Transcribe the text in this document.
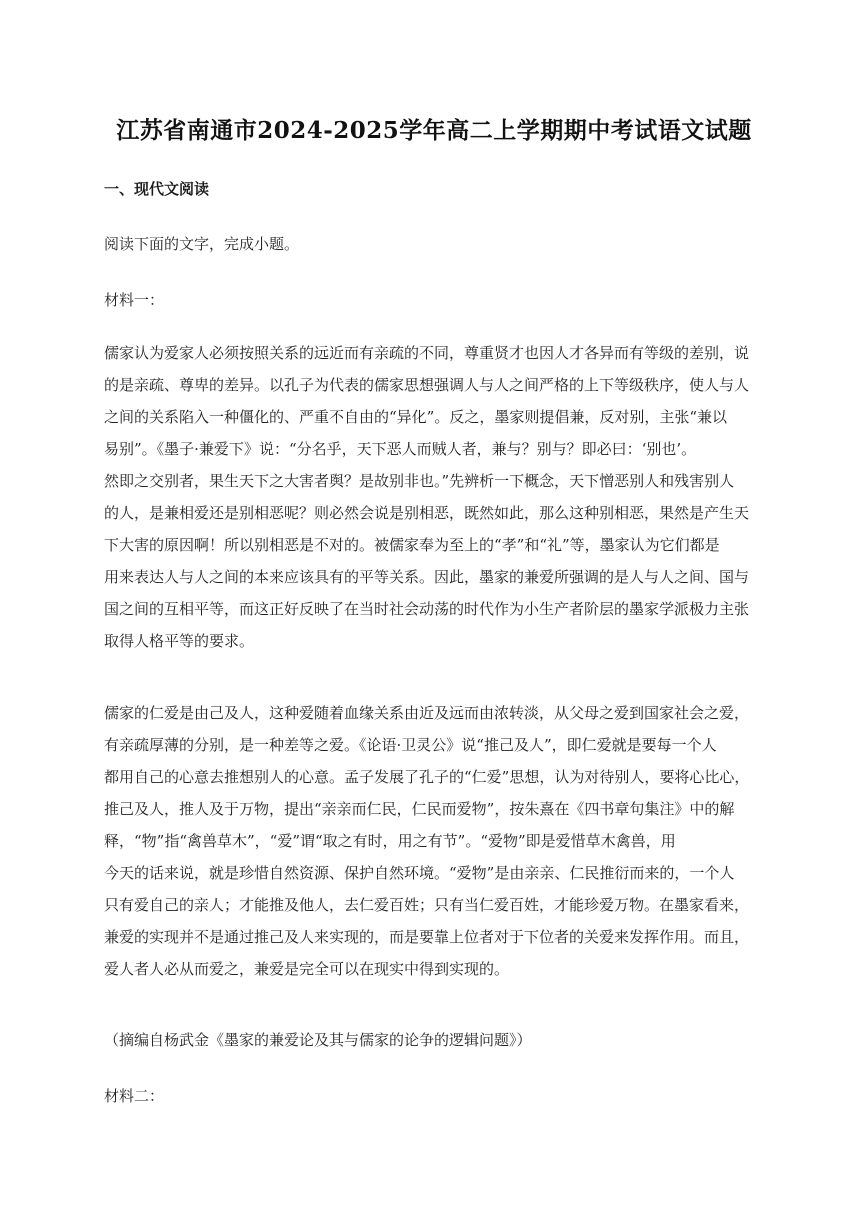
江苏省南通市2024-2025学年高二上学期期中考试语文试题
一、现代文阅读
阅读下面的文字，完成小题。
材料一：
儒家认为爱家人必须按照关系的远近而有亲疏的不同，尊重贤才也因人才各异而有等级的差别，说
的是亲疏、尊卑的差异。以孔子为代表的儒家思想强调人与人之间严格的上下等级秩序，使人与人
之间的关系陷入一种僵化的、严重不自由的“异化”。反之，墨家则提倡兼，反对别，主张“兼以
易别”。《墨子·兼爱下》说：“分名乎，天下恶人而贼人者，兼与？别与？即必曰：‘别也’。
然即之交别者，果生天下之大害者舆？是故别非也。”先辨析一下概念，天下憎恶别人和残害别人
的人，是兼相爱还是别相恶呢？则必然会说是别相恶，既然如此，那么这种别相恶，果然是产生天
下大害的原因啊！所以别相恶是不对的。被儒家奉为至上的“孝”和“礼”等，墨家认为它们都是
用来表达人与人之间的本来应该具有的平等关系。因此，墨家的兼爱所强调的是人与人之间、国与
国之间的互相平等，而这正好反映了在当时社会动荡的时代作为小生产者阶层的墨家学派极力主张
取得人格平等的要求。
儒家的仁爱是由己及人，这种爱随着血缘关系由近及远而由浓转淡，从父母之爱到国家社会之爱，
有亲疏厚薄的分别，是一种差等之爱。《论语·卫灵公》说“推己及人”，即仁爱就是要每一个人
都用自己的心意去推想别人的心意。孟子发展了孔子的“仁爱”思想，认为对待别人，要将心比心，
推己及人，推人及于万物，提出“亲亲而仁民，仁民而爱物”，按朱熹在《四书章句集注》中的解
释，“物”指“禽兽草木”，“爱”谓“取之有时，用之有节”。“爱物”即是爱惜草木禽兽，用
今天的话来说，就是珍惜自然资源、保护自然环境。“爱物”是由亲亲、仁民推衍而来的，一个人
只有爱自己的亲人；才能推及他人，去仁爱百姓；只有当仁爱百姓，才能珍爱万物。在墨家看来，
兼爱的实现并不是通过推己及人来实现的，而是要靠上位者对于下位者的关爱来发挥作用。而且，
爱人者人必从而爱之，兼爱是完全可以在现实中得到实现的。
（摘编自杨武金《墨家的兼爱论及其与儒家的论争的逻辑问题》）
材料二：
